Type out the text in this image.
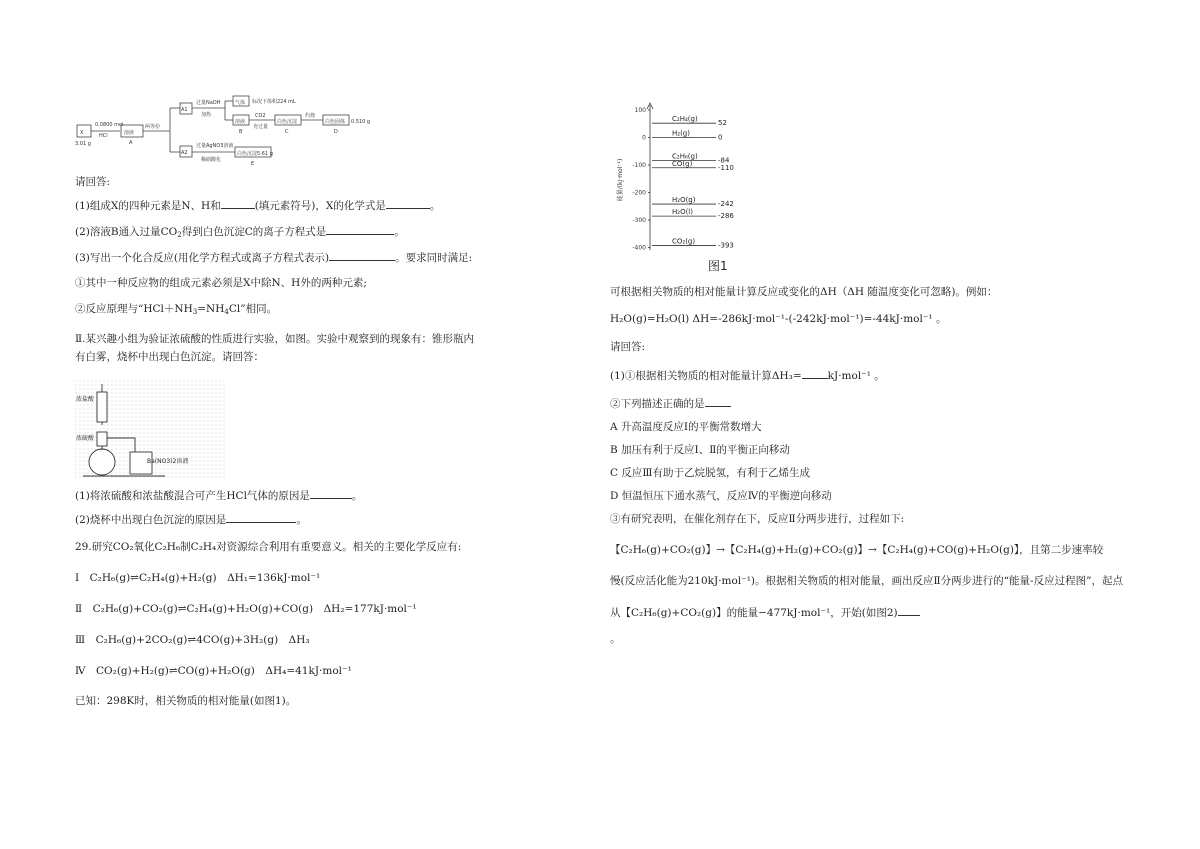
X
3.01 g
0.0800 mol
HCl	溶液
A
两等份
A1
A2
过量NaOH
加热
气体 标况下体积224 mL
溶液
B
CO2
充过量
白色沉淀
C
灼烧
白色固体
D
0.510 g
过量AgNO3溶液
稀硝酸化
白色沉淀5.61 g
E
请回答:
(1)组成X的四种元素是N、H和	(填元素符号)，X的化学式是	。
(2)溶液B通入过量$CO_2$得到白色沉淀C的离子方程式是	。
(3)写出一个化合反应(用化学方程式或离子方程式表示)	。要求同时满足:
①其中一种反应物的组成元素必须是X中除N、H外的两种元素;
②反应原理与“$HCl+NH_3=NH_4Cl$”相同。
Ⅱ.某兴趣小组为验证浓硫酸的性质进行实验，如图。实验中观察到的现象有：锥形瓶内有白雾，烧杯中出现白色沉淀。请回答：
浓盐酸
浓硫酸
Ba(NO3)2溶液
(1)将浓硫酸和浓盐酸混合可产生HCl气体的原因是	。
(2)烧杯中出现白色沉淀的原因是	。
29.研究CO₂氧化C₂H₆制C₂H₄对资源综合利用有重要意义。相关的主要化学反应有:
Ⅰ　C₂H₆(g)⇌C₂H₄(g)+H₂(g)　ΔH₁=136kJ·mol⁻¹
Ⅱ　C₂H₆(g)+CO₂(g)⇌C₂H₄(g)+H₂O(g)+CO(g)　ΔH₂=177kJ·mol⁻¹
Ⅲ　C₂H₆(g)+2CO₂(g)⇌4CO(g)+3H₂(g)　ΔH₃
Ⅳ　CO₂(g)+H₂(g)⇌CO(g)+H₂O(g)　ΔH₄=41kJ·mol⁻¹
已知：298K时，相关物质的相对能量(如图1)。
100
0
-100
-200
-300
-400
C₂H₄(g)	52
H₂(g)	0
C₂H₆(g)	-84
CO(g)	-110
H₂O(g)	-242
H₂O(l)	-286
CO₂(g)	-393
能量/(kJ·mol⁻¹)
图1
可根据相关物质的相对能量计算反应或变化的ΔH（ΔH 随温度变化可忽略)。例如：
H₂O(g)=H₂O(l) ΔH=-286kJ·mol⁻¹-(-242kJ·mol⁻¹)=-44kJ·mol⁻¹ 。
请回答:
(1)①根据相关物质的相对能量计算ΔH₃= kJ·mol⁻¹ 。
②下列描述正确的是
A 升高温度反应Ⅰ的平衡常数增大
B 加压有利于反应Ⅰ、Ⅱ的平衡正向移动
C 反应Ⅲ有助于乙烷脱氢，有利于乙烯生成
D 恒温恒压下通水蒸气，反应Ⅳ的平衡逆向移动
③有研究表明，在催化剂存在下，反应Ⅱ分两步进行，过程如下:
【C₂H₆(g)+CO₂(g)】→【C₂H₄(g)+H₂(g)+CO₂(g)】→【C₂H₄(g)+CO(g)+H₂O(g)】，且第二步速率较
慢(反应活化能为210kJ·mol⁻¹)。根据相关物质的相对能量，画出反应Ⅱ分两步进行的“能量-反应过程图”，起点
从【C₂H₆(g)+CO₂(g)】的能量−477kJ·mol⁻¹，开始(如图2)
。
